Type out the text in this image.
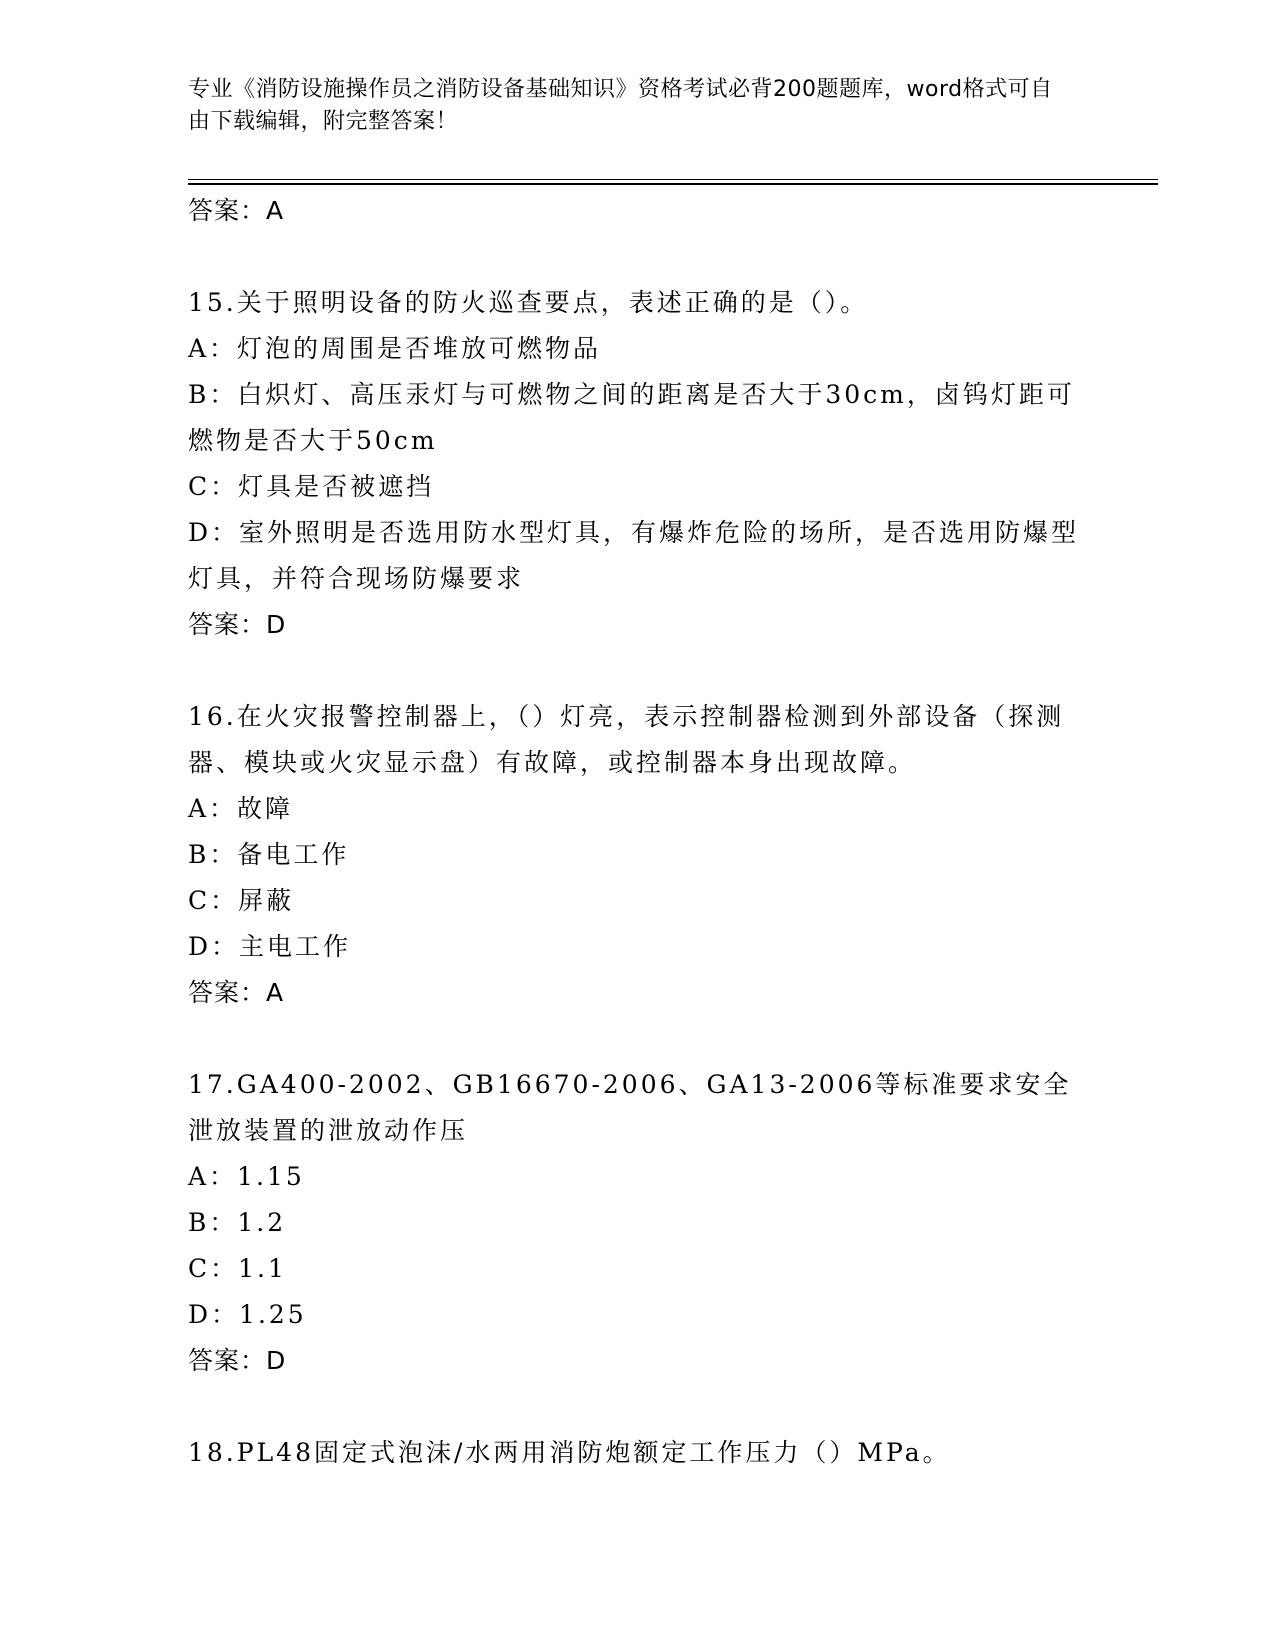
专业《消防设施操作员之消防设备基础知识》资格考试必背200题题库，word格式可自由下载编辑，附完整答案！
答案：A
15.关于照明设备的防火巡查要点，表述正确的是（）。
A：灯泡的周围是否堆放可燃物品
B：白炽灯、高压汞灯与可燃物之间的距离是否大于30cm，卤钨灯距可燃物是否大于50cm
C：灯具是否被遮挡
D：室外照明是否选用防水型灯具，有爆炸危险的场所，是否选用防爆型灯具，并符合现场防爆要求
答案：D
16.在火灾报警控制器上，（）灯亮，表示控制器检测到外部设备（探测器、模块或火灾显示盘）有故障，或控制器本身出现故障。
A：故障
B：备电工作
C：屏蔽
D：主电工作
答案：A
17.GA400-2002、GB16670-2006、GA13-2006等标准要求安全泄放装置的泄放动作压
A：1.15
B：1.2
C：1.1
D：1.25
答案：D
18.PL48固定式泡沫/水两用消防炮额定工作压力（）MPa。
